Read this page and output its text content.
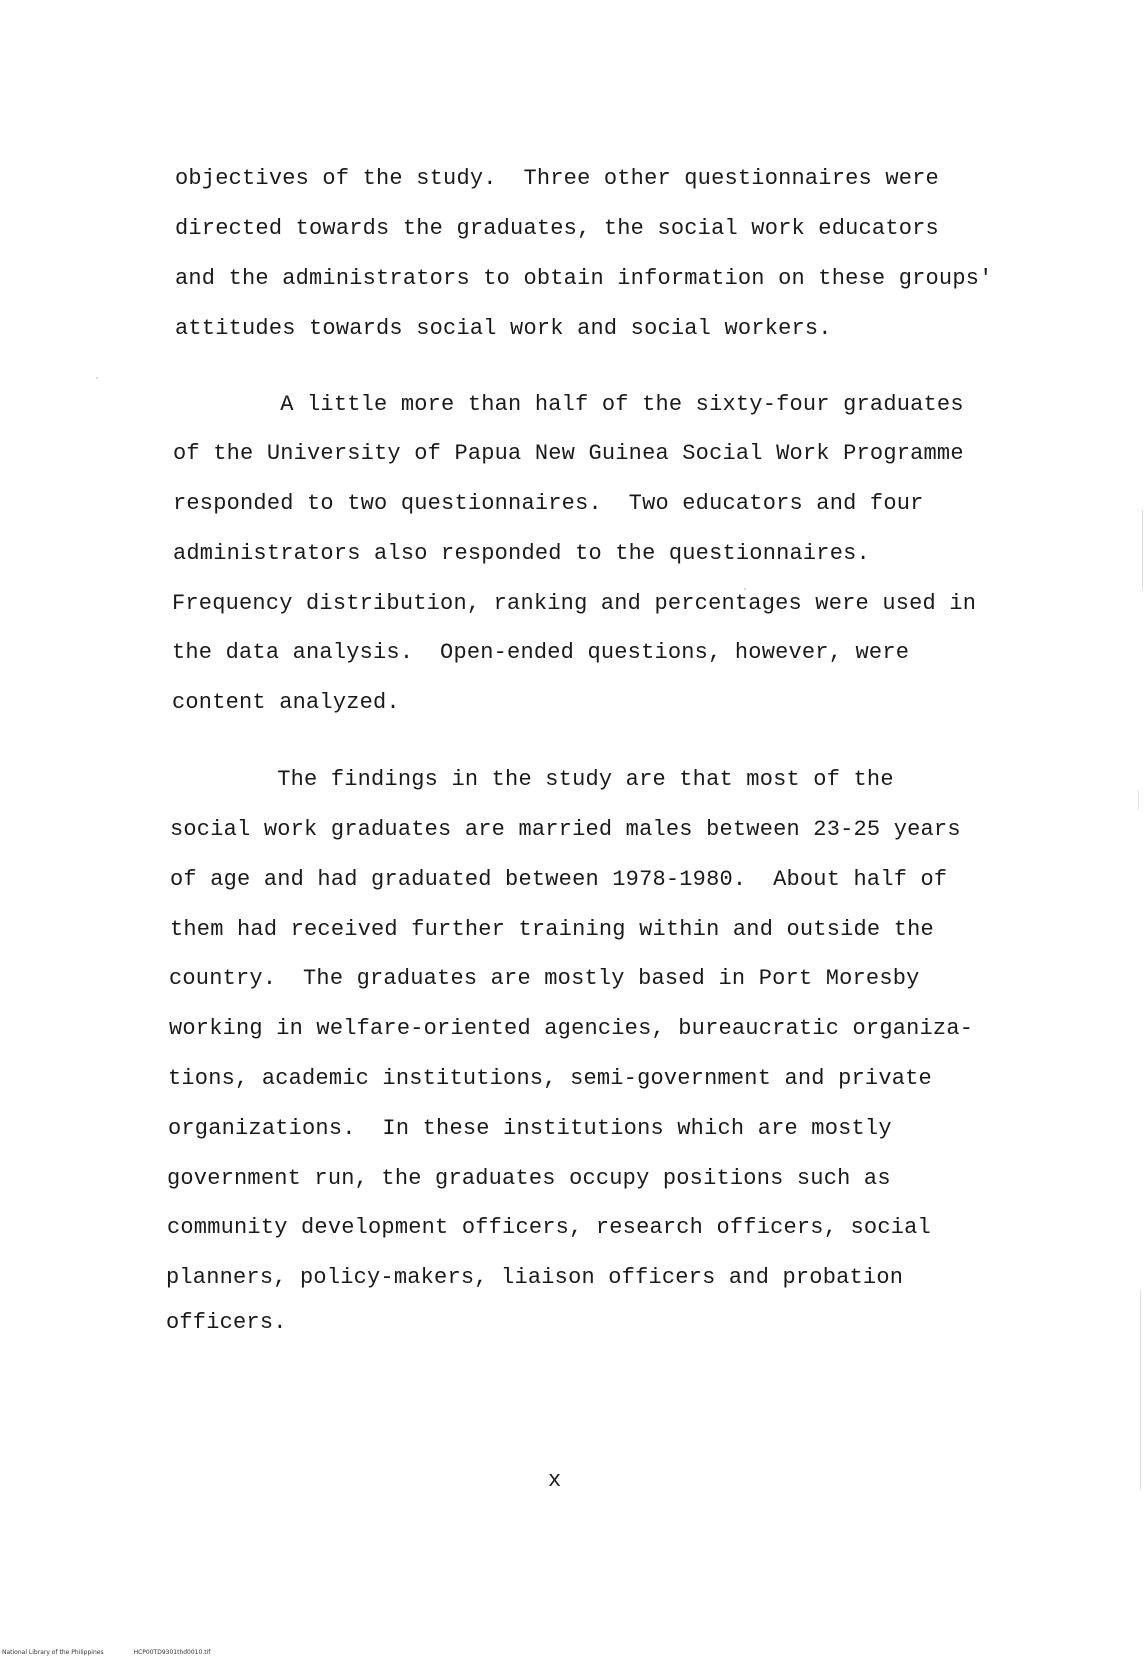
objectives of the study.  Three other questionnaires were
directed towards the graduates, the social work educators
and the administrators to obtain information on these groups'
attitudes towards social work and social workers.
A little more than half of the sixty-four graduates
of the University of Papua New Guinea Social Work Programme
responded to two questionnaires.  Two educators and four
administrators also responded to the questionnaires.
Frequency distribution, ranking and percentages were used in
the data analysis.  Open-ended questions, however, were
content analyzed.
The findings in the study are that most of the
social work graduates are married males between 23-25 years
of age and had graduated between 1978-1980.  About half of
them had received further training within and outside the
country.  The graduates are mostly based in Port Moresby
working in welfare-oriented agencies, bureaucratic organiza-
tions, academic institutions, semi-government and private
organizations.  In these institutions which are mostly
government run, the graduates occupy positions such as
community development officers, research officers, social
planners, policy-makers, liaison officers and probation
officers.
x
National Library of the Philippines	HCP00TD9301thd0010.tif
